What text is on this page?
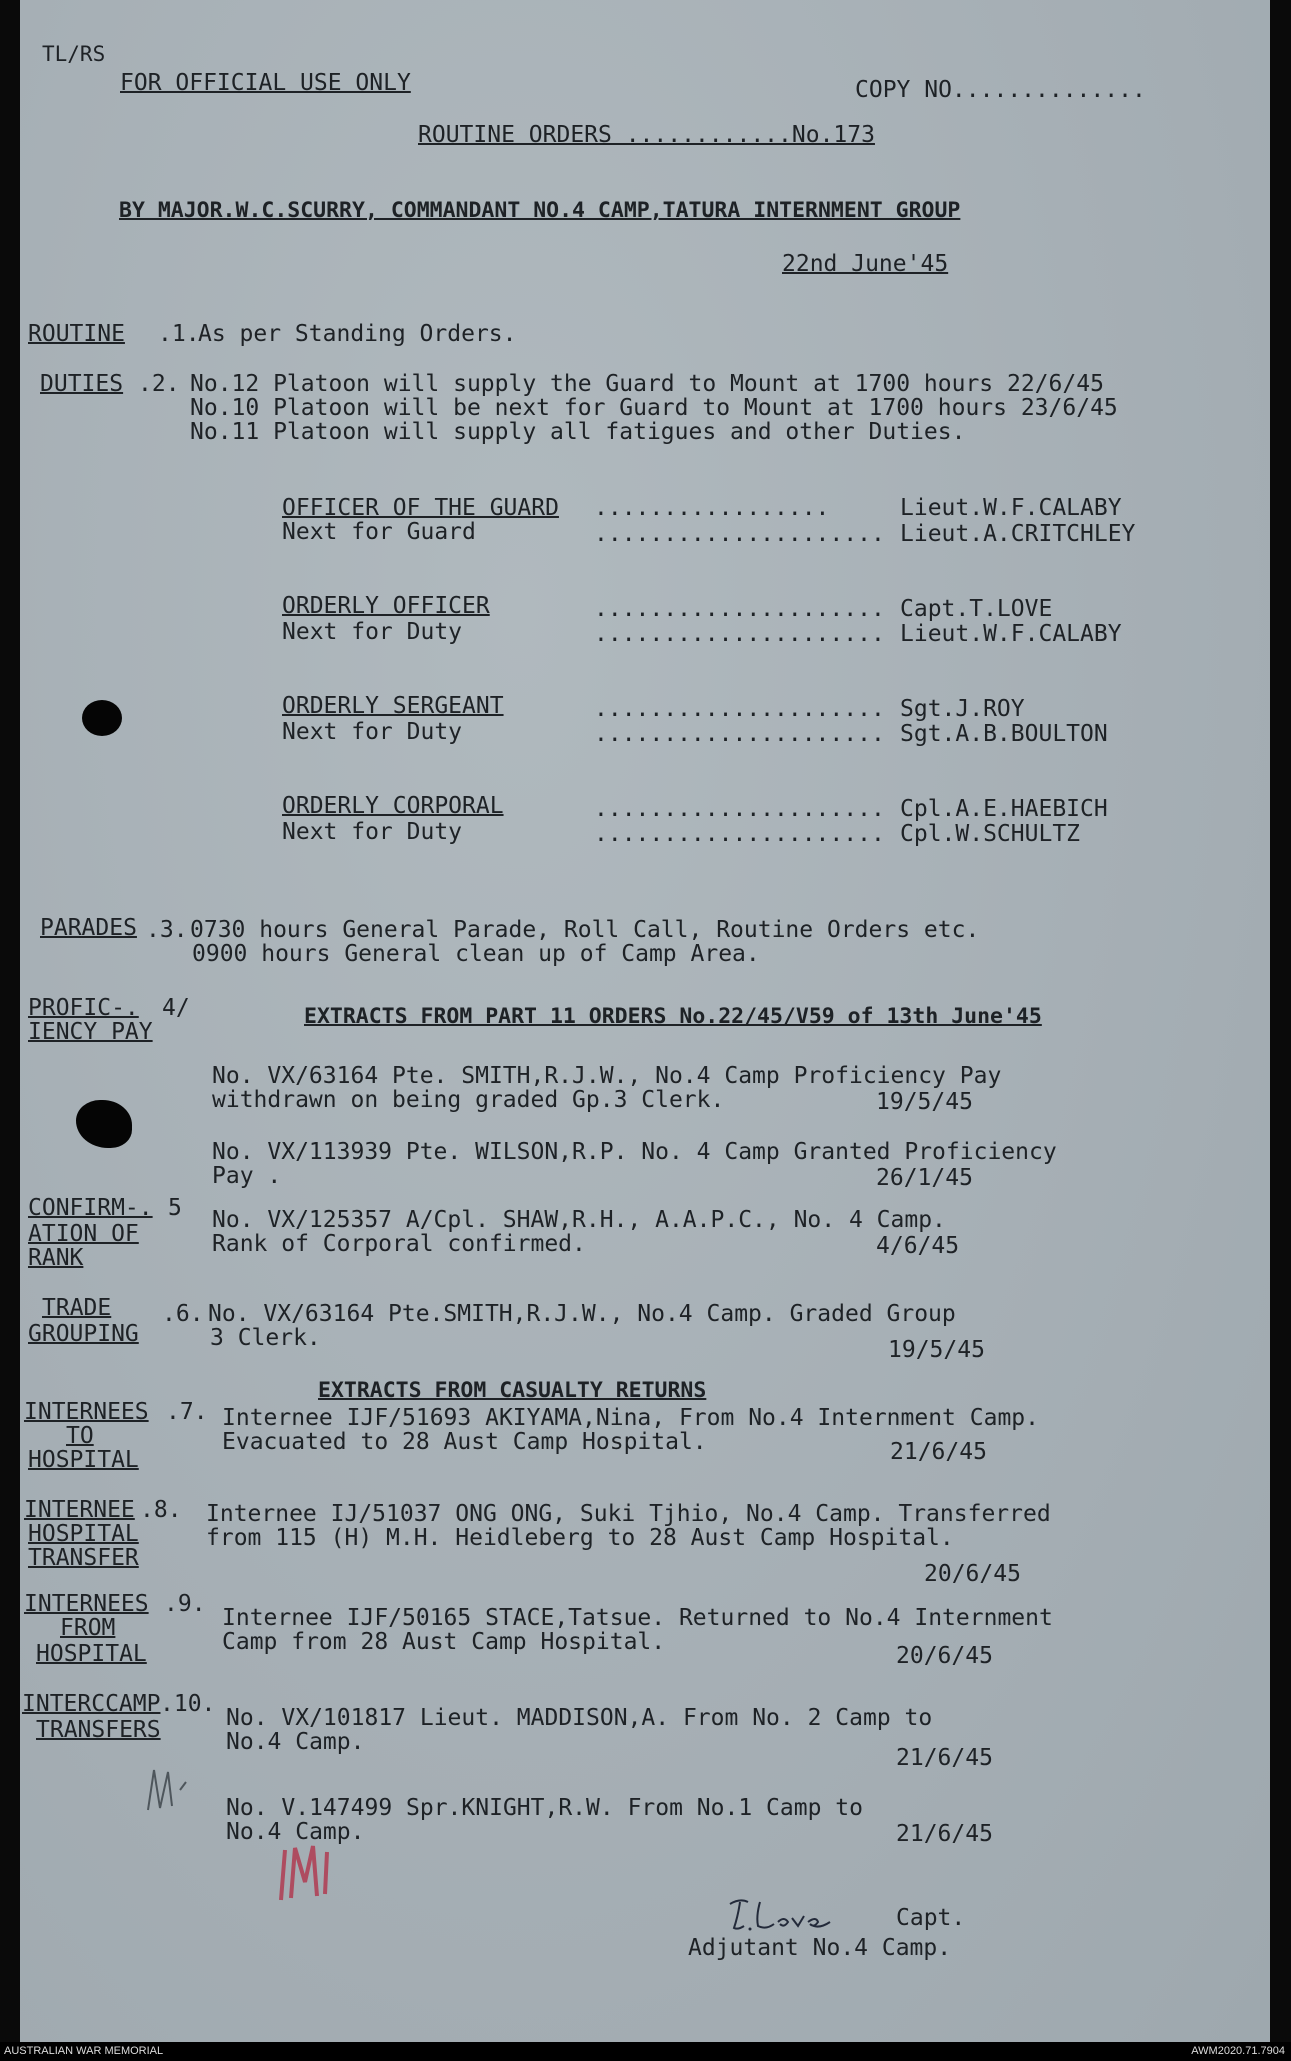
TL/RS
FOR OFFICIAL USE ONLY	COPY NO..............
ROUTINE ORDERS ............No.173
BY MAJOR.W.C.SCURRY, COMMANDANT NO.4 CAMP,TATURA INTERNMENT GROUP
22nd June'45
ROUTINE .1.
As per Standing Orders.
DUTIES .2. No.12 Platoon will supply the Guard to Mount at 1700 hours 22/6/45
No.10 Platoon will be next for Guard to Mount at 1700 hours 23/6/45
No.11 Platoon will supply all fatigues and other Duties.
OFFICER OF THE GUARD .................	Lieut.W.F.CALABY
Next for Guard	..................... Lieut.A.CRITCHLEY
ORDERLY OFFICER	..................... Capt.T.LOVE
Next for Duty	..................... Lieut.W.F.CALABY
ORDERLY SERGEANT	..................... Sgt.J.ROY
Next for Duty	..................... Sgt.A.B.BOULTON
ORDERLY CORPORAL	..................... Cpl.A.E.HAEBICH
Next for Duty	..................... Cpl.W.SCHULTZ
PARADES .3. 0730 hours General Parade, Roll Call, Routine Orders etc.
0900 hours General clean up of Camp Area.
PROFIC-. 4/
IENCY PAY
EXTRACTS FROM PART 11 ORDERS No.22/45/V59 of 13th June'45
No. VX/63164 Pte. SMITH,R.J.W., No.4 Camp Proficiency Pay
withdrawn on being graded Gp.3 Clerk.	19/5/45
No. VX/113939 Pte. WILSON,R.P. No. 4 Camp Granted Proficiency
Pay .	26/1/45
CONFIRM-. 5
ATION OF
RANK
No. VX/125357 A/Cpl. SHAW,R.H., A.A.P.C., No. 4 Camp.
Rank of Corporal confirmed.	4/6/45
TRADE .6.
GROUPING
No. VX/63164 Pte.SMITH,R.J.W., No.4 Camp. Graded Group
3 Clerk.	19/5/45
EXTRACTS FROM CASUALTY RETURNS
INTERNEES .7.
TO
HOSPITAL
Internee IJF/51693 AKIYAMA,Nina, From No.4 Internment Camp.
Evacuated to 28 Aust Camp Hospital.	21/6/45
INTERNEE .8.
HOSPITAL
TRANSFER
Internee IJ/51037 ONG ONG, Suki Tjhio, No.4 Camp. Transferred
from 115 (H) M.H. Heidleberg to 28 Aust Camp Hospital.
20/6/45
INTERNEES .9.
FROM
HOSPITAL
Internee IJF/50165 STACE,Tatsue. Returned to No.4 Internment
Camp from 28 Aust Camp Hospital.
20/6/45
INTERCCAMP .10.
TRANSFERS	No. VX/101817 Lieut. MADDISON,A. From No. 2 Camp to
No.4 Camp.
21/6/45
No. V.147499 Spr.KNIGHT,R.W. From No.1 Camp to
No.4 Camp.	21/6/45
Capt.
Adjutant No.4 Camp.
AUSTRALIAN WAR MEMORIAL	AWM2020.71.7904
